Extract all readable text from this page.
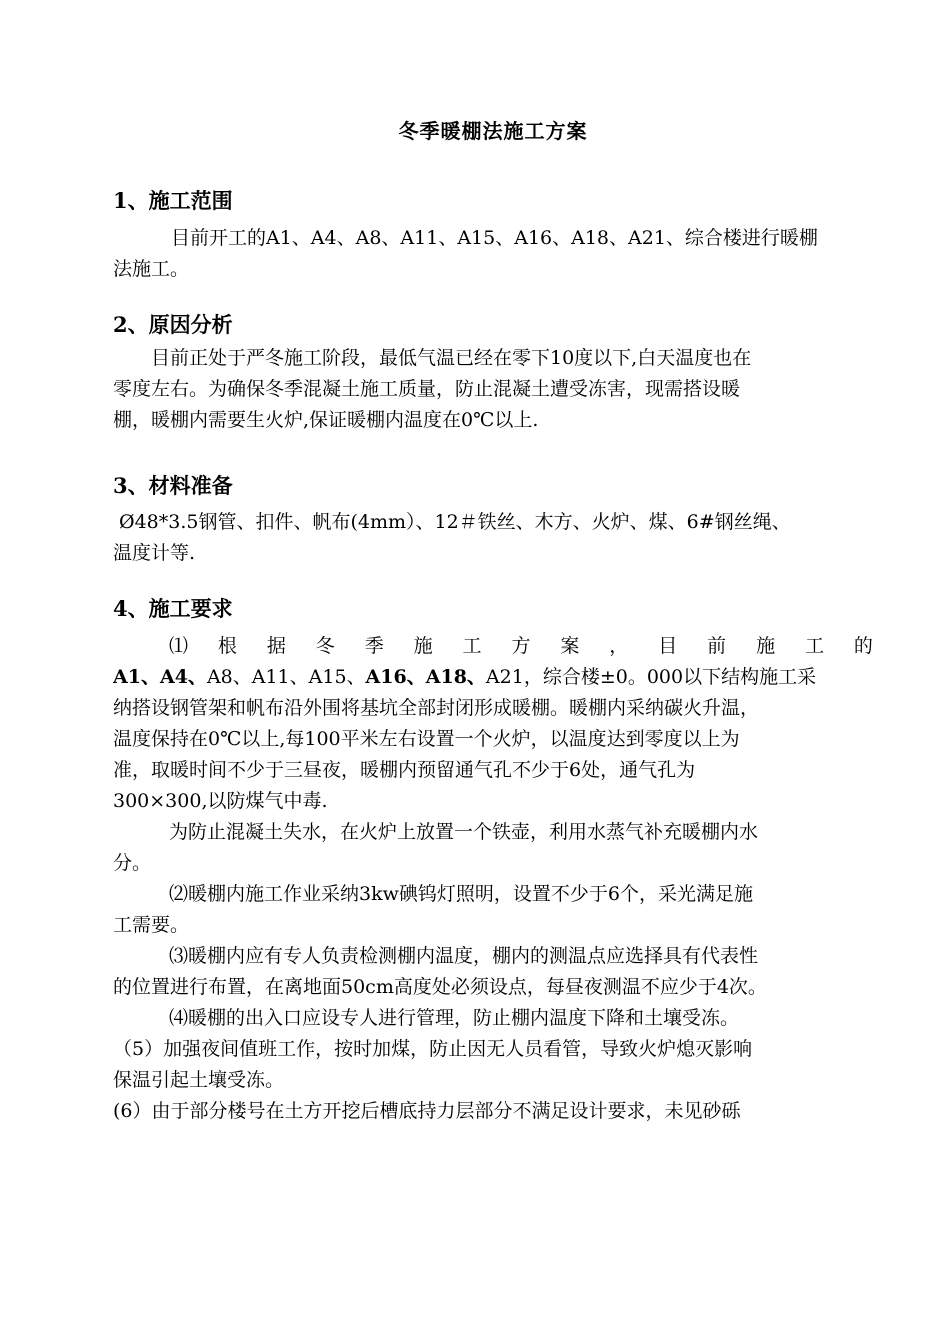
冬季暖棚法施工方案
1、施工范围
目前开工的A1、A4、A8、A11、A15、A16、A18、A21、综合楼进行暖棚
法施工。
2、原因分析
目前正处于严冬施工阶段，最低气温已经在零下10度以下,白天温度也在
零度左右。为确保冬季混凝土施工质量，防止混凝土遭受冻害，现需搭设暖
棚，暖棚内需要生火炉,保证暖棚内温度在0℃以上.
3、材料准备
Ø48*3.5钢管、扣件、帆布(4mm）、12＃铁丝、木方、火炉、煤、6#钢丝绳、
温度计等.
4、施工要求
⑴ 根 据 冬 季 施 工 方 案 ， 目 前 施 工 的
A1、A4、A8、A11、A15、A16、A18、A21，综合楼±0。000以下结构施工采
纳搭设钢管架和帆布沿外围将基坑全部封闭形成暖棚。暖棚内采纳碳火升温，
温度保持在0℃以上,每100平米左右设置一个火炉，以温度达到零度以上为
准，取暖时间不少于三昼夜，暖棚内预留通气孔不少于6处，通气孔为
300×300,以防煤气中毒.
为防止混凝土失水，在火炉上放置一个铁壶，利用水蒸气补充暖棚内水
分。
⑵暖棚内施工作业采纳3kw碘钨灯照明，设置不少于6个，采光满足施
工需要。
⑶暖棚内应有专人负责检测棚内温度，棚内的测温点应选择具有代表性
的位置进行布置，在离地面50cm高度处必须设点，每昼夜测温不应少于4次。
⑷暖棚的出入口应设专人进行管理，防止棚内温度下降和土壤受冻。
（5）加强夜间值班工作，按时加煤，防止因无人员看管，导致火炉熄灭影响
保温引起土壤受冻。
(6）由于部分楼号在土方开挖后槽底持力层部分不满足设计要求，未见砂砾
